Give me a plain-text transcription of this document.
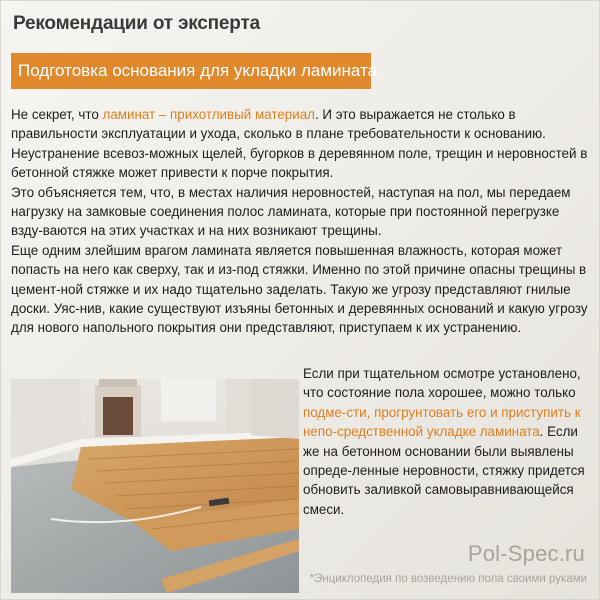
Рекомендации от эксперта
Подготовка основания для укладки ламината

Не секрет, что ламинат – прихотливый материал. И это выражается не столько в правильности эксплуатации и ухода, сколько в плане требовательности к основанию. Неустранение всевоз-можных щелей, бугорков в деревянном поле, трещин и неровностей в бетонной стяжке может привести к порче покрытия.

Это объясняется тем, что, в местах наличия неровностей, наступая на пол, мы передаем нагрузку на замковые соединения полос ламината, которые при постоянной перегрузке взду-ваются на этих участках и на них возникают трещины.

Еще одним злейшим врагом ламината является повышенная влажность, которая может попасть на него как сверху, так и из-под стяжки. Именно по этой причине опасны трещины в цемент-ной стяжке и их надо тщательно заделать. Такую же угрозу представляют гнилые доски. Уяс-нив, какие существуют изъяны бетонных и деревянных оснований и какую угрозу для нового напольного покрытия они представляют, приступаем к их устранению.

Если при тщательном осмотре установлено, что состояние пола хорошее, можно только подме-сти, прогрунтовать его и приступить к непо-средственной укладке ламината. Если же на бетонном основании были выявлены опреде-ленные неровности, стяжку придется обновить заливкой самовыравнивающейся смеси.

Pol-Spec.ru
*Энциклопедия по возведению пола своими руками
